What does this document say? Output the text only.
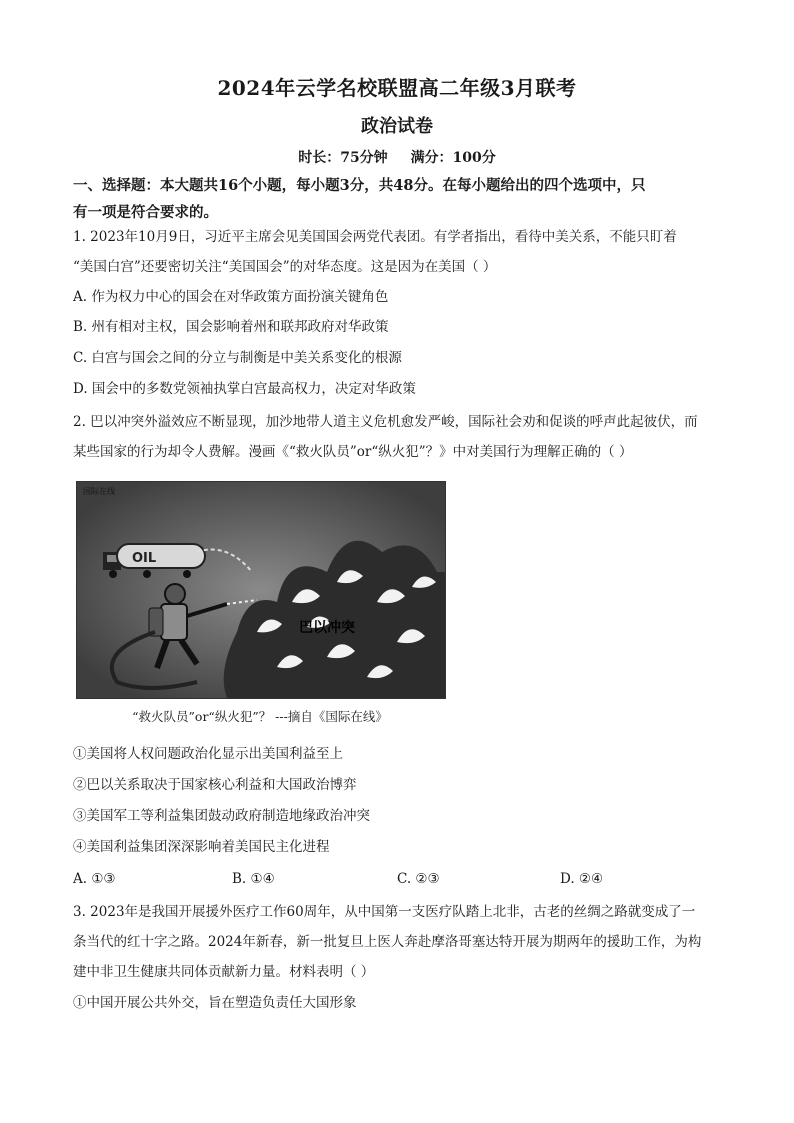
2024年云学名校联盟高二年级3月联考
政治试卷
时长：75分钟 满分：100分
一、选择题：本大题共16个小题，每小题3分，共48分。在每小题给出的四个选项中，只
有一项是符合要求的。
1. 2023年10月9日，习近平主席会见美国国会两党代表团。有学者指出，看待中美关系，不能只盯着
“美国白宫”还要密切关注“美国国会”的对华态度。这是因为在美国（ ）
A. 作为权力中心的国会在对华政策方面扮演关键角色
B. 州有相对主权，国会影响着州和联邦政府对华政策
C. 白宫与国会之间的分立与制衡是中美关系变化的根源
D. 国会中的多数党领袖执掌白宫最高权力，决定对华政策
2. 巴以冲突外溢效应不断显现，加沙地带人道主义危机愈发严峻，国际社会劝和促谈的呼声此起彼伏，而
某些国家的行为却令人费解。漫画《“救火队员”or“纵火犯”？》中对美国行为理解正确的（ ）
国际在线
OIL
巴以冲突
“救火队员”or“纵火犯”？ ---摘自《国际在线》
①美国将人权问题政治化显示出美国利益至上
②巴以关系取决于国家核心利益和大国政治博弈
③美国军工等利益集团鼓动政府制造地缘政治冲突
④美国利益集团深深影响着美国民主化进程
A. ①③	B. ①④	C. ②③	D. ②④
3. 2023年是我国开展援外医疗工作60周年，从中国第一支医疗队踏上北非，古老的丝绸之路就变成了一
条当代的红十字之路。2024年新春，新一批复旦上医人奔赴摩洛哥塞达特开展为期两年的援助工作，为构
建中非卫生健康共同体贡献新力量。材料表明（ ）
①中国开展公共外交，旨在塑造负责任大国形象
